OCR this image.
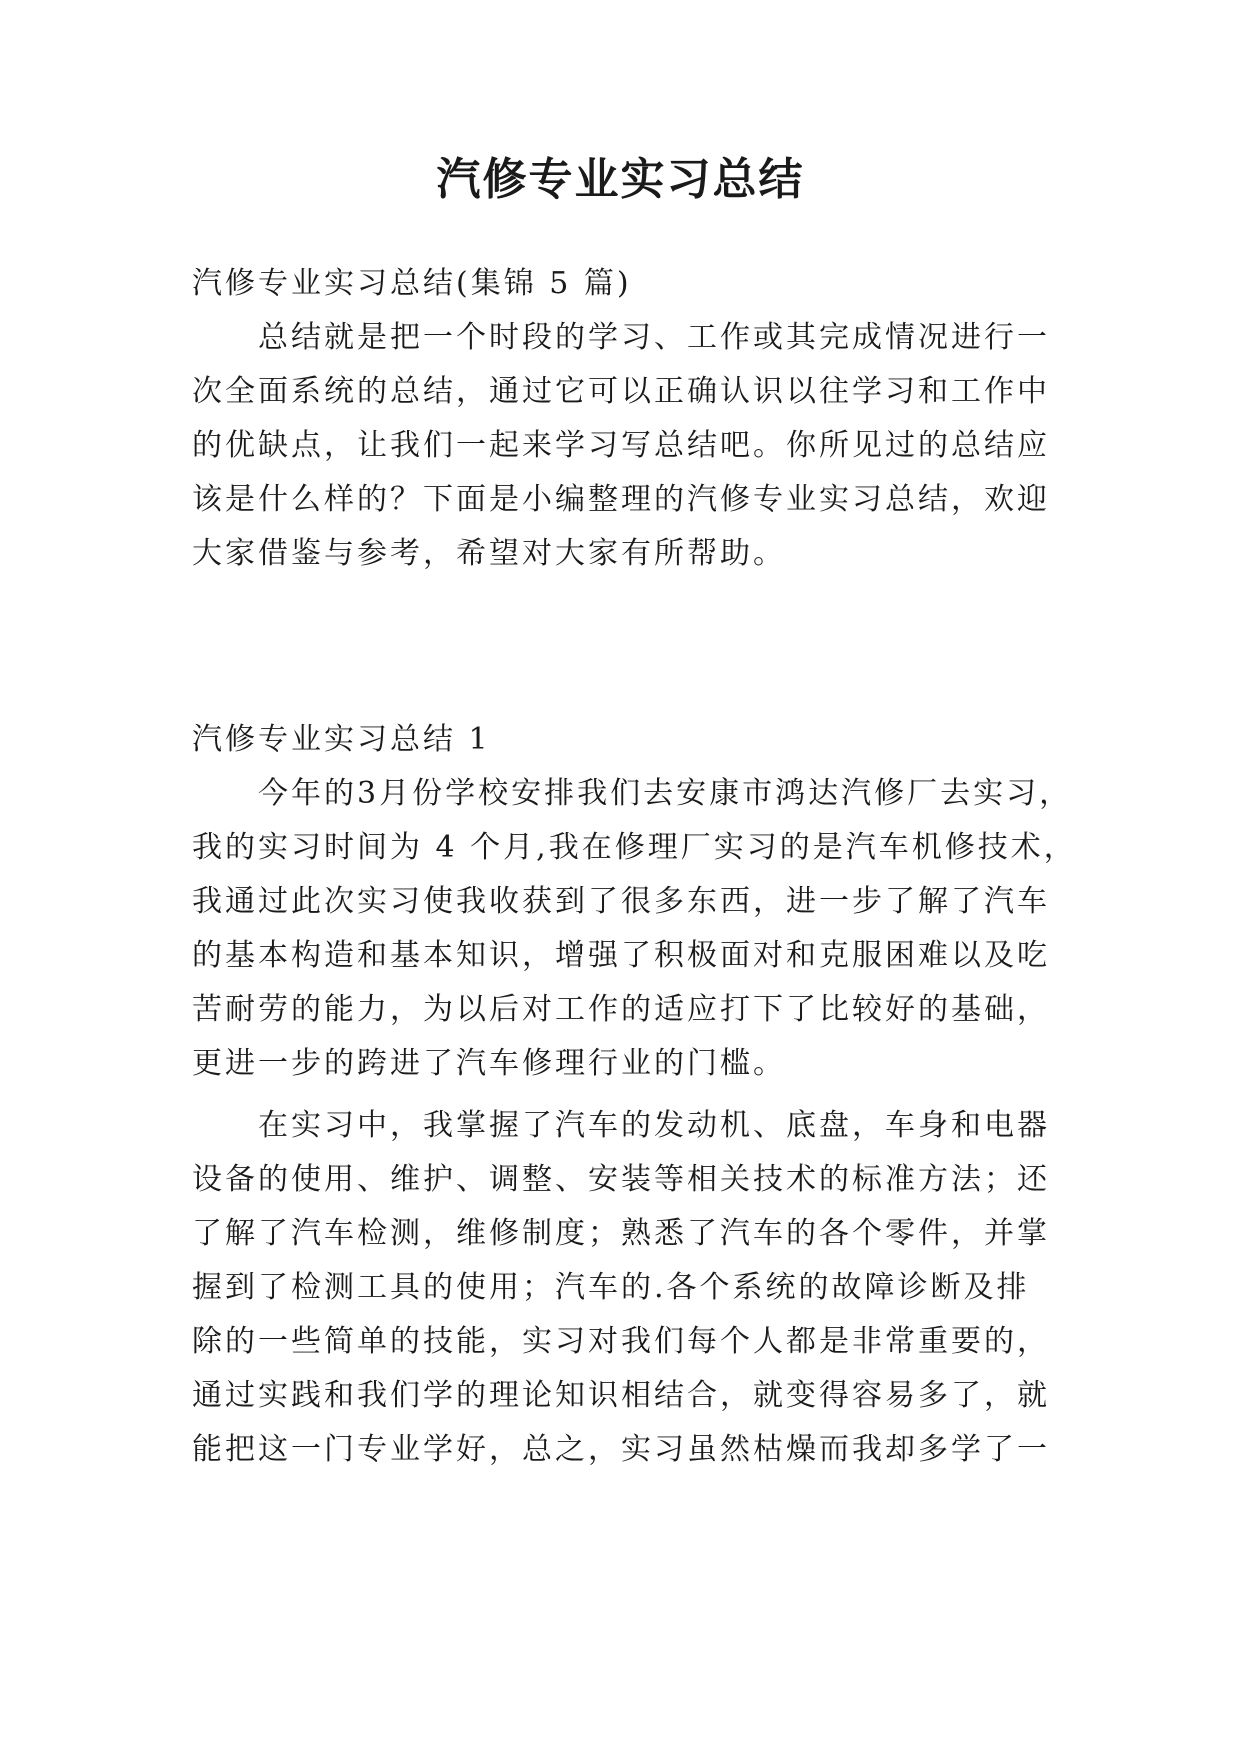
汽修专业实习总结

汽修专业实习总结(集锦 5 篇)

总结就是把一个时段的学习、工作或其完成情况进行一

次全面系统的总结，通过它可以正确认识以往学习和工作中

的优缺点，让我们一起来学习写总结吧。你所见过的总结应

该是什么样的？下面是小编整理的汽修专业实习总结，欢迎

大家借鉴与参考，希望对大家有所帮助。

汽修专业实习总结 1

今年的3月份学校安排我们去安康市鸿达汽修厂去实习，

我的实习时间为 4 个月,我在修理厂实习的是汽车机修技术，

我通过此次实习使我收获到了很多东西，进一步了解了汽车

的基本构造和基本知识，增强了积极面对和克服困难以及吃

苦耐劳的能力，为以后对工作的适应打下了比较好的基础，

更进一步的跨进了汽车修理行业的门槛。

在实习中，我掌握了汽车的发动机、底盘，车身和电器

设备的使用、维护、调整、安装等相关技术的标准方法；还

了解了汽车检测，维修制度；熟悉了汽车的各个零件，并掌

握到了检测工具的使用；汽车的.各个系统的故障诊断及排

除的一些简单的技能，实习对我们每个人都是非常重要的，

通过实践和我们学的理论知识相结合，就变得容易多了，就

能把这一门专业学好，总之，实习虽然枯燥而我却多学了一
